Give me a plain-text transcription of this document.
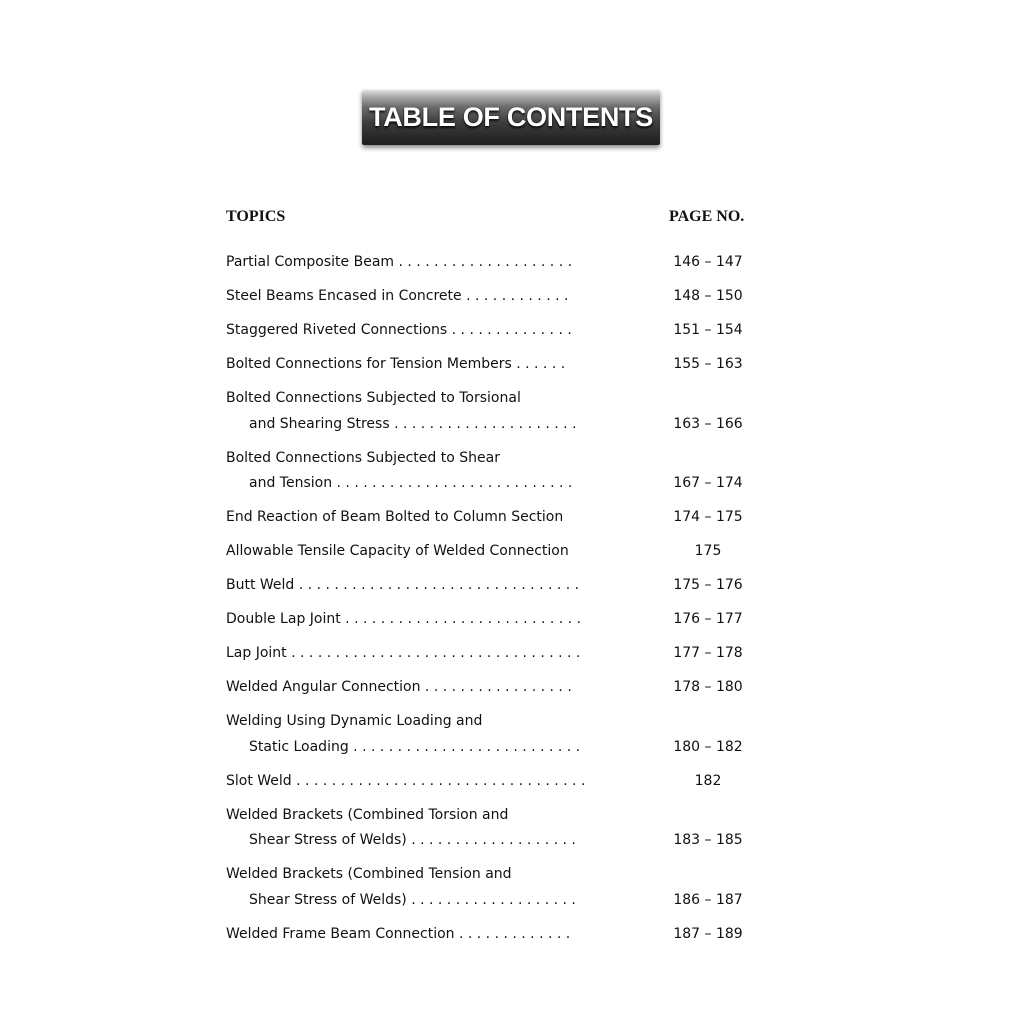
TABLE OF CONTENTS
TOPICS	PAGE NO.
Partial Composite Beam . . . . . . . . . . . . . . . . . . . .	146 – 147
Steel Beams Encased in Concrete . . . . . . . . . . . .	148 – 150
Staggered Riveted Connections . . . . . . . . . . . . . .	151 – 154
Bolted Connections for Tension Members . . . . . .	155 – 163
Bolted Connections Subjected to Torsional
and Shearing Stress . . . . . . . . . . . . . . . . . . . . .	163 – 166
Bolted Connections Subjected to Shear
and Tension . . . . . . . . . . . . . . . . . . . . . . . . . . .	167 – 174
End Reaction of Beam Bolted to Column Section	174 – 175
Allowable Tensile Capacity of Welded Connection	175
Butt Weld . . . . . . . . . . . . . . . . . . . . . . . . . . . . . . . .	175 – 176
Double Lap Joint . . . . . . . . . . . . . . . . . . . . . . . . . . .	176 – 177
Lap Joint . . . . . . . . . . . . . . . . . . . . . . . . . . . . . . . . .	177 – 178
Welded Angular Connection . . . . . . . . . . . . . . . . .	178 – 180
Welding Using Dynamic Loading and
Static Loading . . . . . . . . . . . . . . . . . . . . . . . . . .	180 – 182
Slot Weld . . . . . . . . . . . . . . . . . . . . . . . . . . . . . . . . .	182
Welded Brackets (Combined Torsion and
Shear Stress of Welds) . . . . . . . . . . . . . . . . . . .	183 – 185
Welded Brackets (Combined Tension and
Shear Stress of Welds) . . . . . . . . . . . . . . . . . . .	186 – 187
Welded Frame Beam Connection . . . . . . . . . . . . .	187 – 189
